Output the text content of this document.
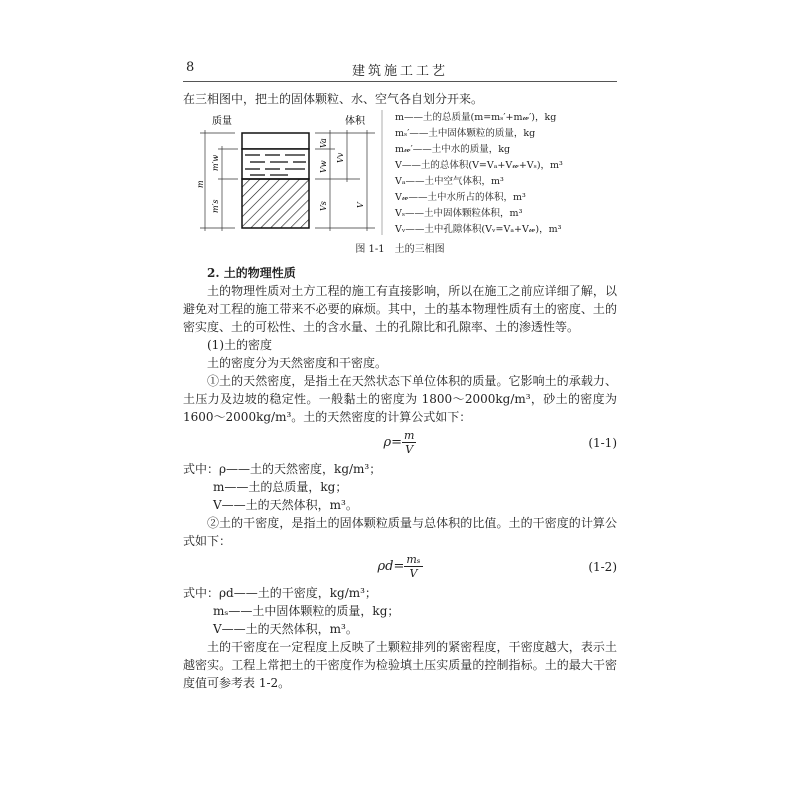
8	建筑施工工艺

在三相图中，把土的固体颗粒、水、空气各自划分开来。

质量	体积
m
m′w
m′s
Va
Vw
Vs
Vv
V
m——土的总质量(m=mₛ′+m𝓌′)，kg
mₛ′——土中固体颗粒的质量，kg
m𝓌′——土中水的质量，kg
V——土的总体积(V=Vₐ+V𝓌+Vₛ)，m³
Vₐ——土中空气体积，m³
V𝓌——土中水所占的体积，m³
Vₛ——土中固体颗粒体积，m³
Vᵥ——土中孔隙体积(Vᵥ=Vₐ+V𝓌)，m³

图 1-1　土的三相图

2. 土的物理性质

土的物理性质对土方工程的施工有直接影响，所以在施工之前应详细了解，以避免对工程的施工带来不必要的麻烦。其中，土的基本物理性质有土的密度、土的密实度、土的可松性、土的含水量、土的孔隙比和孔隙率、土的渗透性等。

(1)土的密度

土的密度分为天然密度和干密度。

①土的天然密度，是指土在天然状态下单位体积的质量。它影响土的承载力、土压力及边坡的稳定性。一般黏土的密度为 1800～2000kg/m³，砂土的密度为 1600～2000kg/m³。土的天然密度的计算公式如下：

$\rho= \frac{m}{V}$	(1-1)

式中：ρ——土的天然密度，kg/m³；

m——土的总质量，kg；

V——土的天然体积，m³。

②土的干密度，是指土的固体颗粒质量与总体积的比值。土的干密度的计算公式如下：

$\rho d= \frac{\text{mₛ}}{V}$	(1-2)

式中：ρd——土的干密度，kg/m³；

mₛ——土中固体颗粒的质量，kg；

V——土的天然体积，m³。

土的干密度在一定程度上反映了土颗粒排列的紧密程度，干密度越大，表示土越密实。工程上常把土的干密度作为检验填土压实质量的控制指标。土的最大干密度值可参考表 1-2。
